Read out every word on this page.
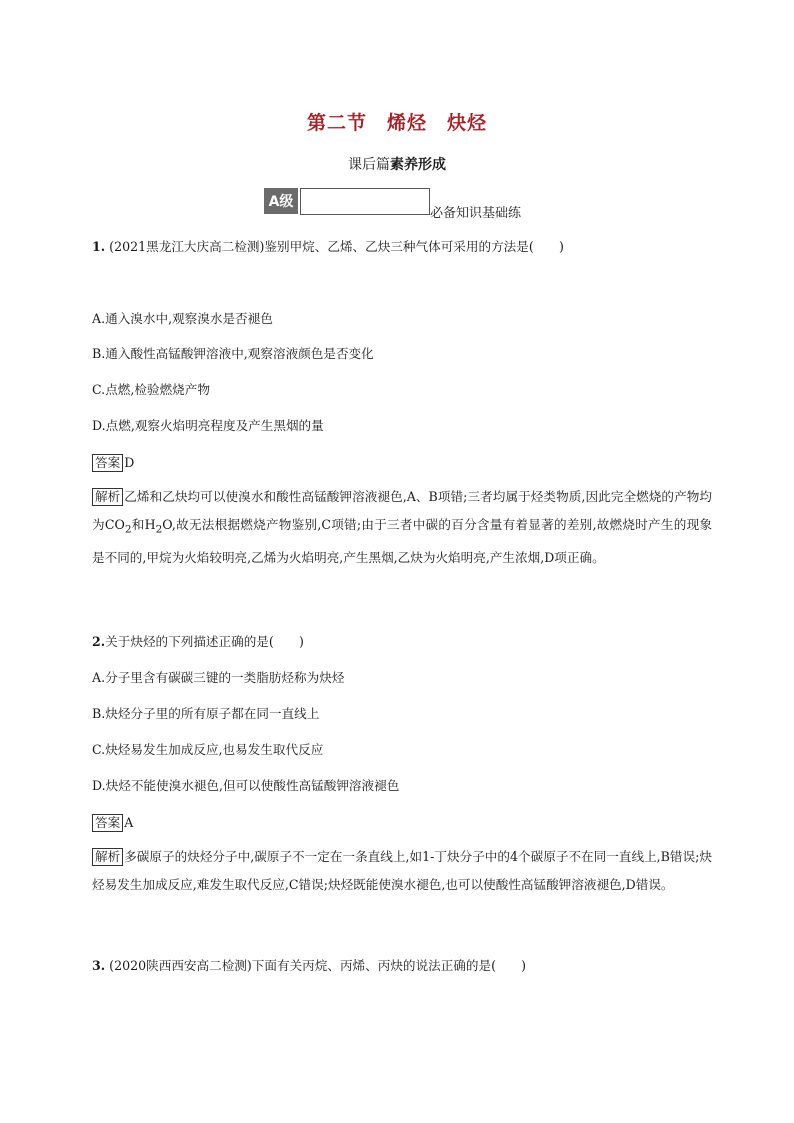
第二节　烯烃　炔烃
课后篇素养形成
A级
必备知识基础练
1. (2021黑龙江大庆高二检测)鉴别甲烷、乙烯、乙炔三种气体可采用的方法是(　　)
A.通入溴水中,观察溴水是否褪色
B.通入酸性高锰酸钾溶液中,观察溶液颜色是否变化
C.点燃,检验燃烧产物
D.点燃,观察火焰明亮程度及产生黑烟的量
答案 D
解析 乙烯和乙炔均可以使溴水和酸性高锰酸钾溶液褪色,A、B项错;三者均属于烃类物质,因此完全燃烧的产物均为$CO_2$和$H_2O$,故无法根据燃烧产物鉴别,C项错;由于三者中碳的百分含量有着显著的差别,故燃烧时产生的现象是不同的,甲烷为火焰较明亮,乙烯为火焰明亮,产生黑烟,乙炔为火焰明亮,产生浓烟,D项正确。
2.关于炔烃的下列描述正确的是(　　)
A.分子里含有碳碳三键的一类脂肪烃称为炔烃
B.炔烃分子里的所有原子都在同一直线上
C.炔烃易发生加成反应,也易发生取代反应
D.炔烃不能使溴水褪色,但可以使酸性高锰酸钾溶液褪色
答案 A
解析 多碳原子的炔烃分子中,碳原子不一定在一条直线上,如1-丁炔分子中的4个碳原子不在同一直线上,B错误;炔烃易发生加成反应,难发生取代反应,C错误;炔烃既能使溴水褪色,也可以使酸性高锰酸钾溶液褪色,D错误。
3. (2020陕西西安高二检测)下面有关丙烷、丙烯、丙炔的说法正确的是(　　)
